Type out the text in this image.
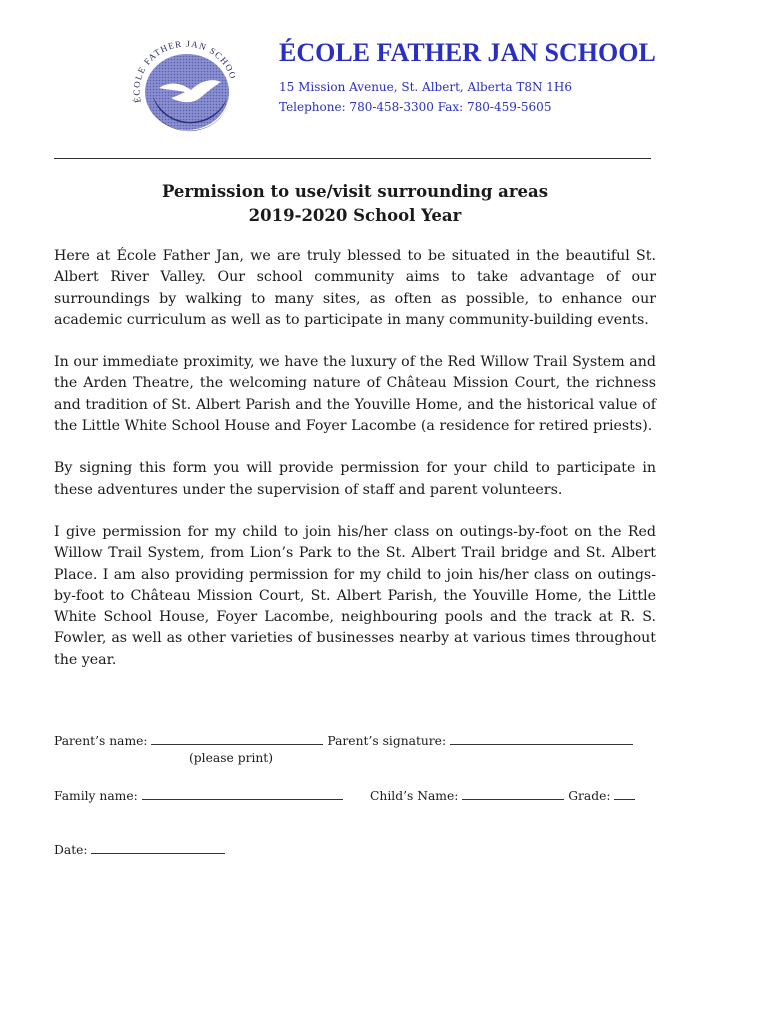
ÉCOLE FATHER JAN SCHO
ÉCOLE FATHER JAN SCHOOL

15 Mission Avenue, St. Albert, Alberta T8N 1H6

Telephone: 780-458-3300 Fax: 780-459-5605

Permission to use/visit surrounding areas

2019-2020 School Year

Here at École Father Jan, we are truly blessed to be situated in the beautiful St. Albert River Valley. Our school community aims to take advantage of our surroundings by walking to many sites, as often as possible, to enhance our academic curriculum as well as to participate in many community-building events.

In our immediate proximity, we have the luxury of the Red Willow Trail System and the Arden Theatre, the welcoming nature of Château Mission Court, the richness and tradition of St. Albert Parish and the Youville Home, and the historical value of the Little White School House and Foyer Lacombe (a residence for retired priests).

By signing this form you will provide permission for your child to participate in these adventures under the supervision of staff and parent volunteers.

I give permission for my child to join his/her class on outings-by-foot on the Red Willow Trail System, from Lion’s Park to the St. Albert Trail bridge and St. Albert Place. I am also providing permission for my child to join his/her class on outings-by-foot to Château Mission Court, St. Albert Parish, the Youville Home, the Little White School House, Foyer Lacombe, neighbouring pools and the track at R. S. Fowler, as well as other varieties of businesses nearby at various times throughout the year.

Parent’s name:	Parent’s signature:
(please print)
Family name:	Child’s Name:	Grade:
Date:
